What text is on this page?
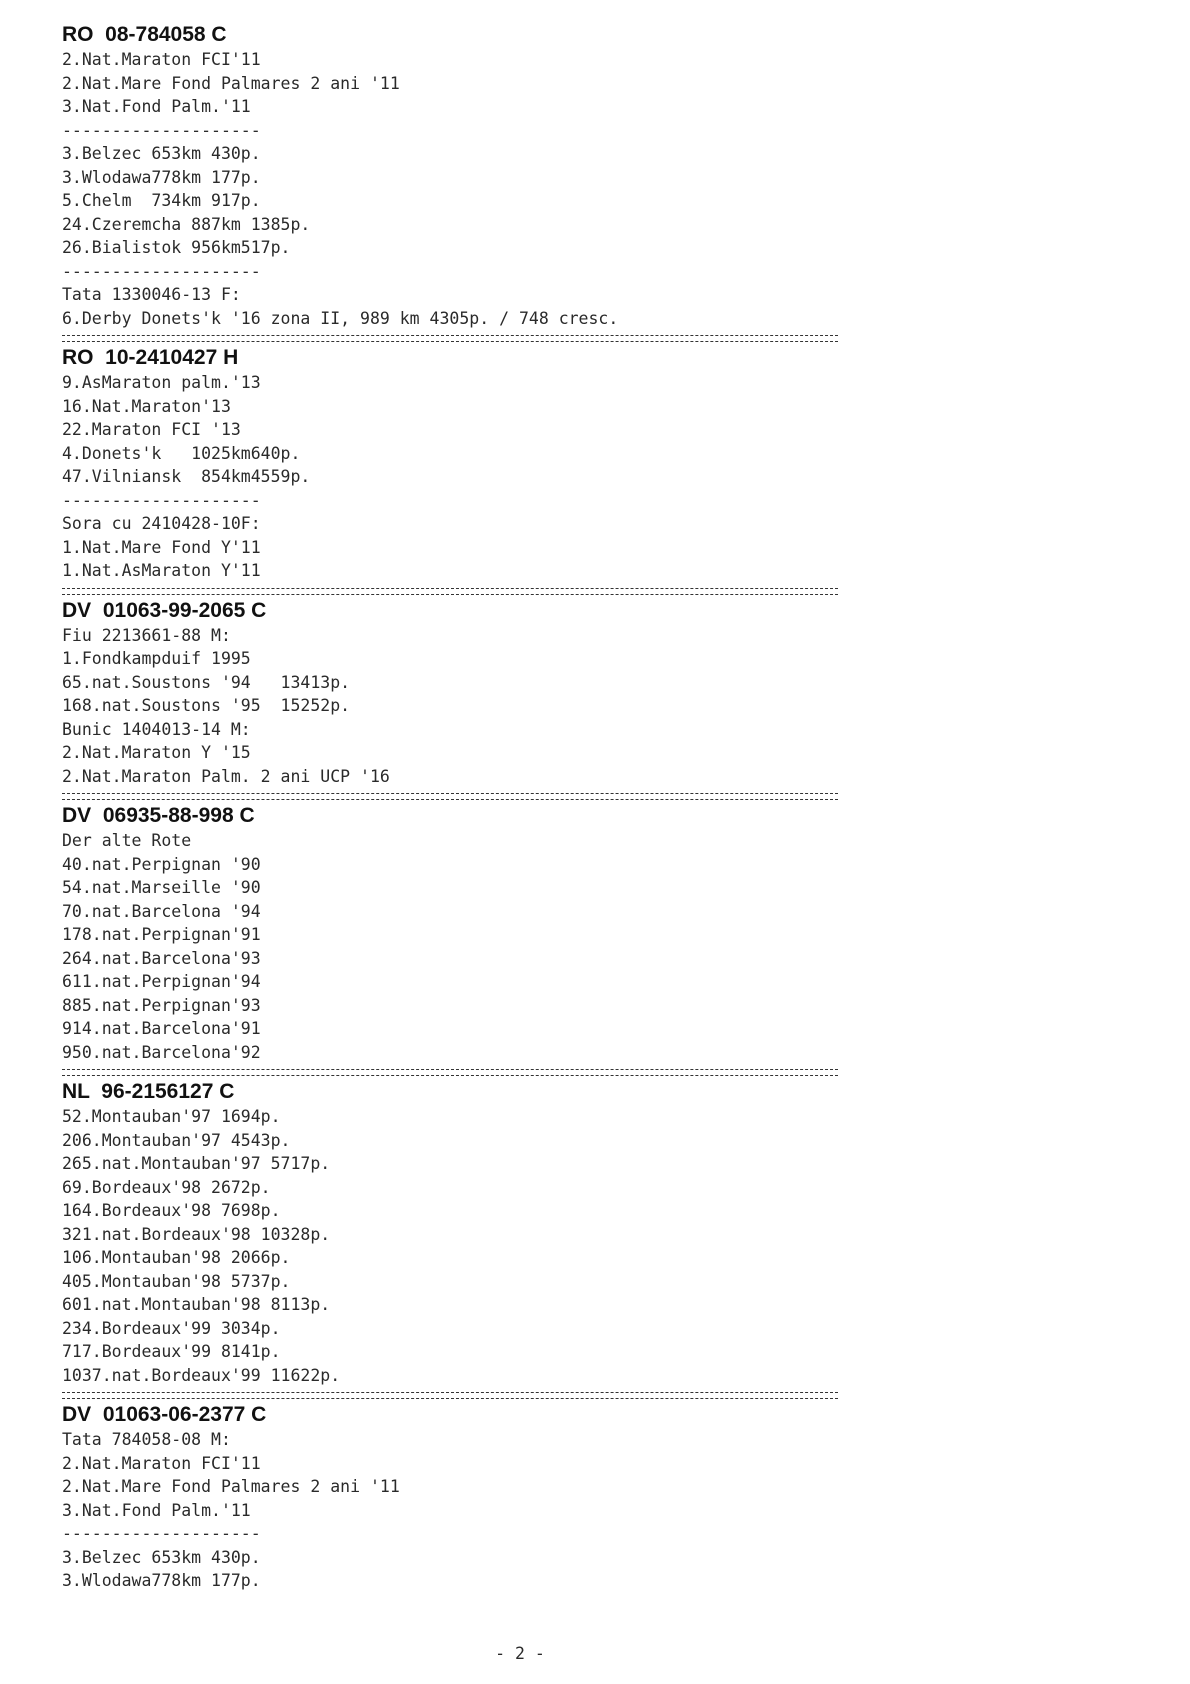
RO  08-784058 C
2.Nat.Maraton FCI'11
2.Nat.Mare Fond Palmares 2 ani '11
3.Nat.Fond Palm.'11
--------------------
3.Belzec 653km 430p.
3.Wlodawa778km 177p.
5.Chelm  734km 917p.
24.Czeremcha 887km 1385p.
26.Bialistok 956km517p.
--------------------
Tata 1330046-13 F:
6.Derby Donets'k '16 zona II, 989 km 4305p. / 748 cresc.
RO  10-2410427 H
9.AsMaraton palm.'13
16.Nat.Maraton'13
22.Maraton FCI '13
4.Donets'k   1025km640p.
47.Vilniansk  854km4559p.
--------------------
Sora cu 2410428-10F:
1.Nat.Mare Fond Y'11
1.Nat.AsMaraton Y'11
DV  01063-99-2065 C
Fiu 2213661-88 M:
1.Fondkampduif 1995
65.nat.Soustons '94   13413p.
168.nat.Soustons '95  15252p.
Bunic 1404013-14 M:
2.Nat.Maraton Y '15
2.Nat.Maraton Palm. 2 ani UCP '16
DV  06935-88-998 C
Der alte Rote
40.nat.Perpignan '90
54.nat.Marseille '90
70.nat.Barcelona '94
178.nat.Perpignan'91
264.nat.Barcelona'93
611.nat.Perpignan'94
885.nat.Perpignan'93
914.nat.Barcelona'91
950.nat.Barcelona'92
NL  96-2156127 C
52.Montauban'97 1694p.
206.Montauban'97 4543p.
265.nat.Montauban'97 5717p.
69.Bordeaux'98 2672p.
164.Bordeaux'98 7698p.
321.nat.Bordeaux'98 10328p.
106.Montauban'98 2066p.
405.Montauban'98 5737p.
601.nat.Montauban'98 8113p.
234.Bordeaux'99 3034p.
717.Bordeaux'99 8141p.
1037.nat.Bordeaux'99 11622p.
DV  01063-06-2377 C
Tata 784058-08 M:
2.Nat.Maraton FCI'11
2.Nat.Mare Fond Palmares 2 ani '11
3.Nat.Fond Palm.'11
--------------------
3.Belzec 653km 430p.
3.Wlodawa778km 177p.
- 2 -
